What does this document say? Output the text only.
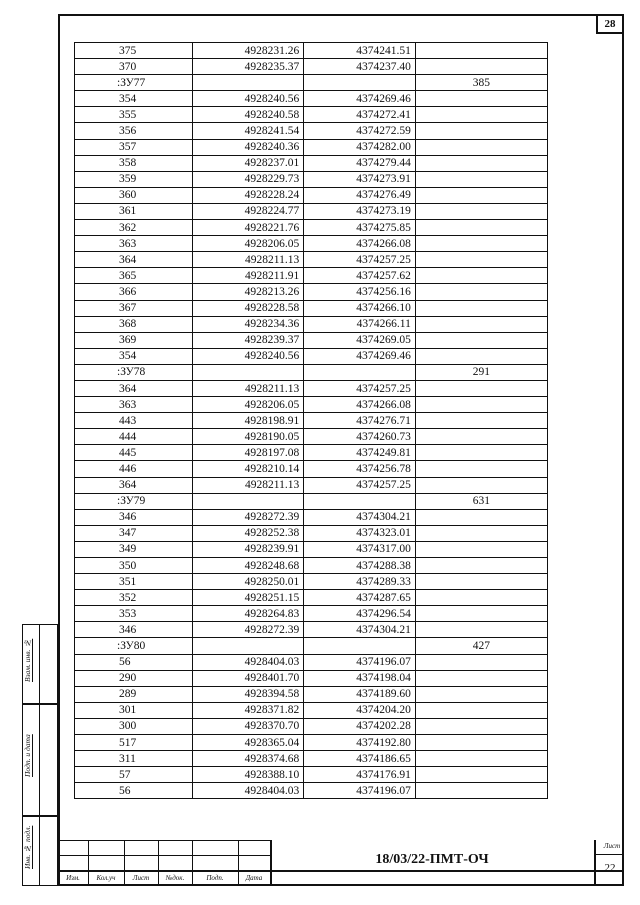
28
Взам. инв. №
Подп. и дата
Инв. № подл.
375	4928231.26	4374241.51	
370	4928235.37	4374237.40	
:ЗУ77			385
354	4928240.56	4374269.46	
355	4928240.58	4374272.41	
356	4928241.54	4374272.59	
357	4928240.36	4374282.00	
358	4928237.01	4374279.44	
359	4928229.73	4374273.91	
360	4928228.24	4374276.49	
361	4928224.77	4374273.19	
362	4928221.76	4374275.85	
363	4928206.05	4374266.08	
364	4928211.13	4374257.25	
365	4928211.91	4374257.62	
366	4928213.26	4374256.16	
367	4928228.58	4374266.10	
368	4928234.36	4374266.11	
369	4928239.37	4374269.05	
354	4928240.56	4374269.46	
:ЗУ78			291
364	4928211.13	4374257.25	
363	4928206.05	4374266.08	
443	4928198.91	4374276.71	
444	4928190.05	4374260.73	
445	4928197.08	4374249.81	
446	4928210.14	4374256.78	
364	4928211.13	4374257.25	
:ЗУ79			631
346	4928272.39	4374304.21	
347	4928252.38	4374323.01	
349	4928239.91	4374317.00	
350	4928248.68	4374288.38	
351	4928250.01	4374289.33	
352	4928251.15	4374287.65	
353	4928264.83	4374296.54	
346	4928272.39	4374304.21	
:ЗУ80			427
56	4928404.03	4374196.07	
290	4928401.70	4374198.04	
289	4928394.58	4374189.60	
301	4928371.82	4374204.20	
300	4928370.70	4374202.28	
517	4928365.04	4374192.80	
311	4928374.68	4374186.65	
57	4928388.10	4374176.91	
56	4928404.03	4374196.07	
Изм.	Кол.уч	Лист	№док.	Подп.	Дата
18/03/22-ПМТ-ОЧ
Лист
22
